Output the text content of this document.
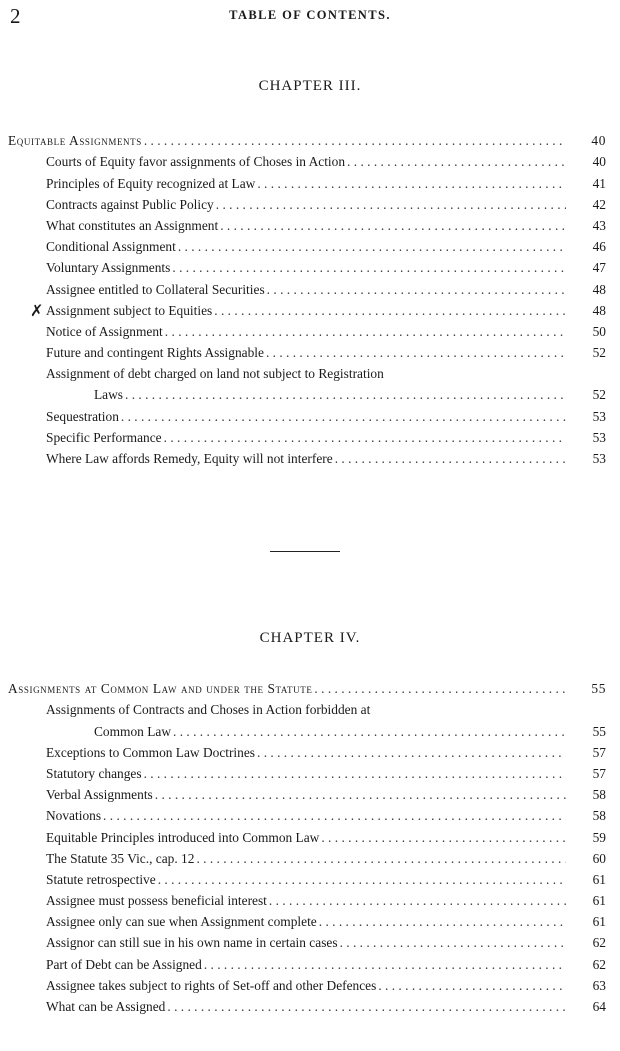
2	TABLE OF CONTENTS.
CHAPTER III.
Equitable Assignments . . .	40
Courts of Equity favor assignments of Choses in Action . . .	40
Principles of Equity recognized at Law . . .	41
Contracts against Public Policy . . .	42
What constitutes an Assignment . . .	43
Conditional Assignment . . .	46
Voluntary Assignments . . .	47
Assignee entitled to Collateral Securities . . .	48
✗ Assignment subject to Equities . . .	48
Notice of Assignment . . .	50
Future and contingent Rights Assignable . . .	52
Assignment of debt charged on land not subject to Registration
Laws . . .	52
Sequestration . . .	53
Specific Performance . . .	53
Where Law affords Remedy, Equity will not interfere . . .	53
CHAPTER IV.
Assignments at Common Law and under the Statute . . .	55
Assignments of Contracts and Choses in Action forbidden at
Common Law . . .	55
Exceptions to Common Law Doctrines . . .	57
Statutory changes . . .	57
Verbal Assignments . . .	58
Novations . . .	58
Equitable Principles introduced into Common Law . . .	59
The Statute 35 Vic., cap. 12 . . .	60
Statute retrospective . . .	61
Assignee must possess beneficial interest . . .	61
Assignee only can sue when Assignment complete . . .	61
Assignor can still sue in his own name in certain cases . . .	62
Part of Debt can be Assigned . . .	62
Assignee takes subject to rights of Set-off and other Defences . . .	63
What can be Assigned . . .	64
